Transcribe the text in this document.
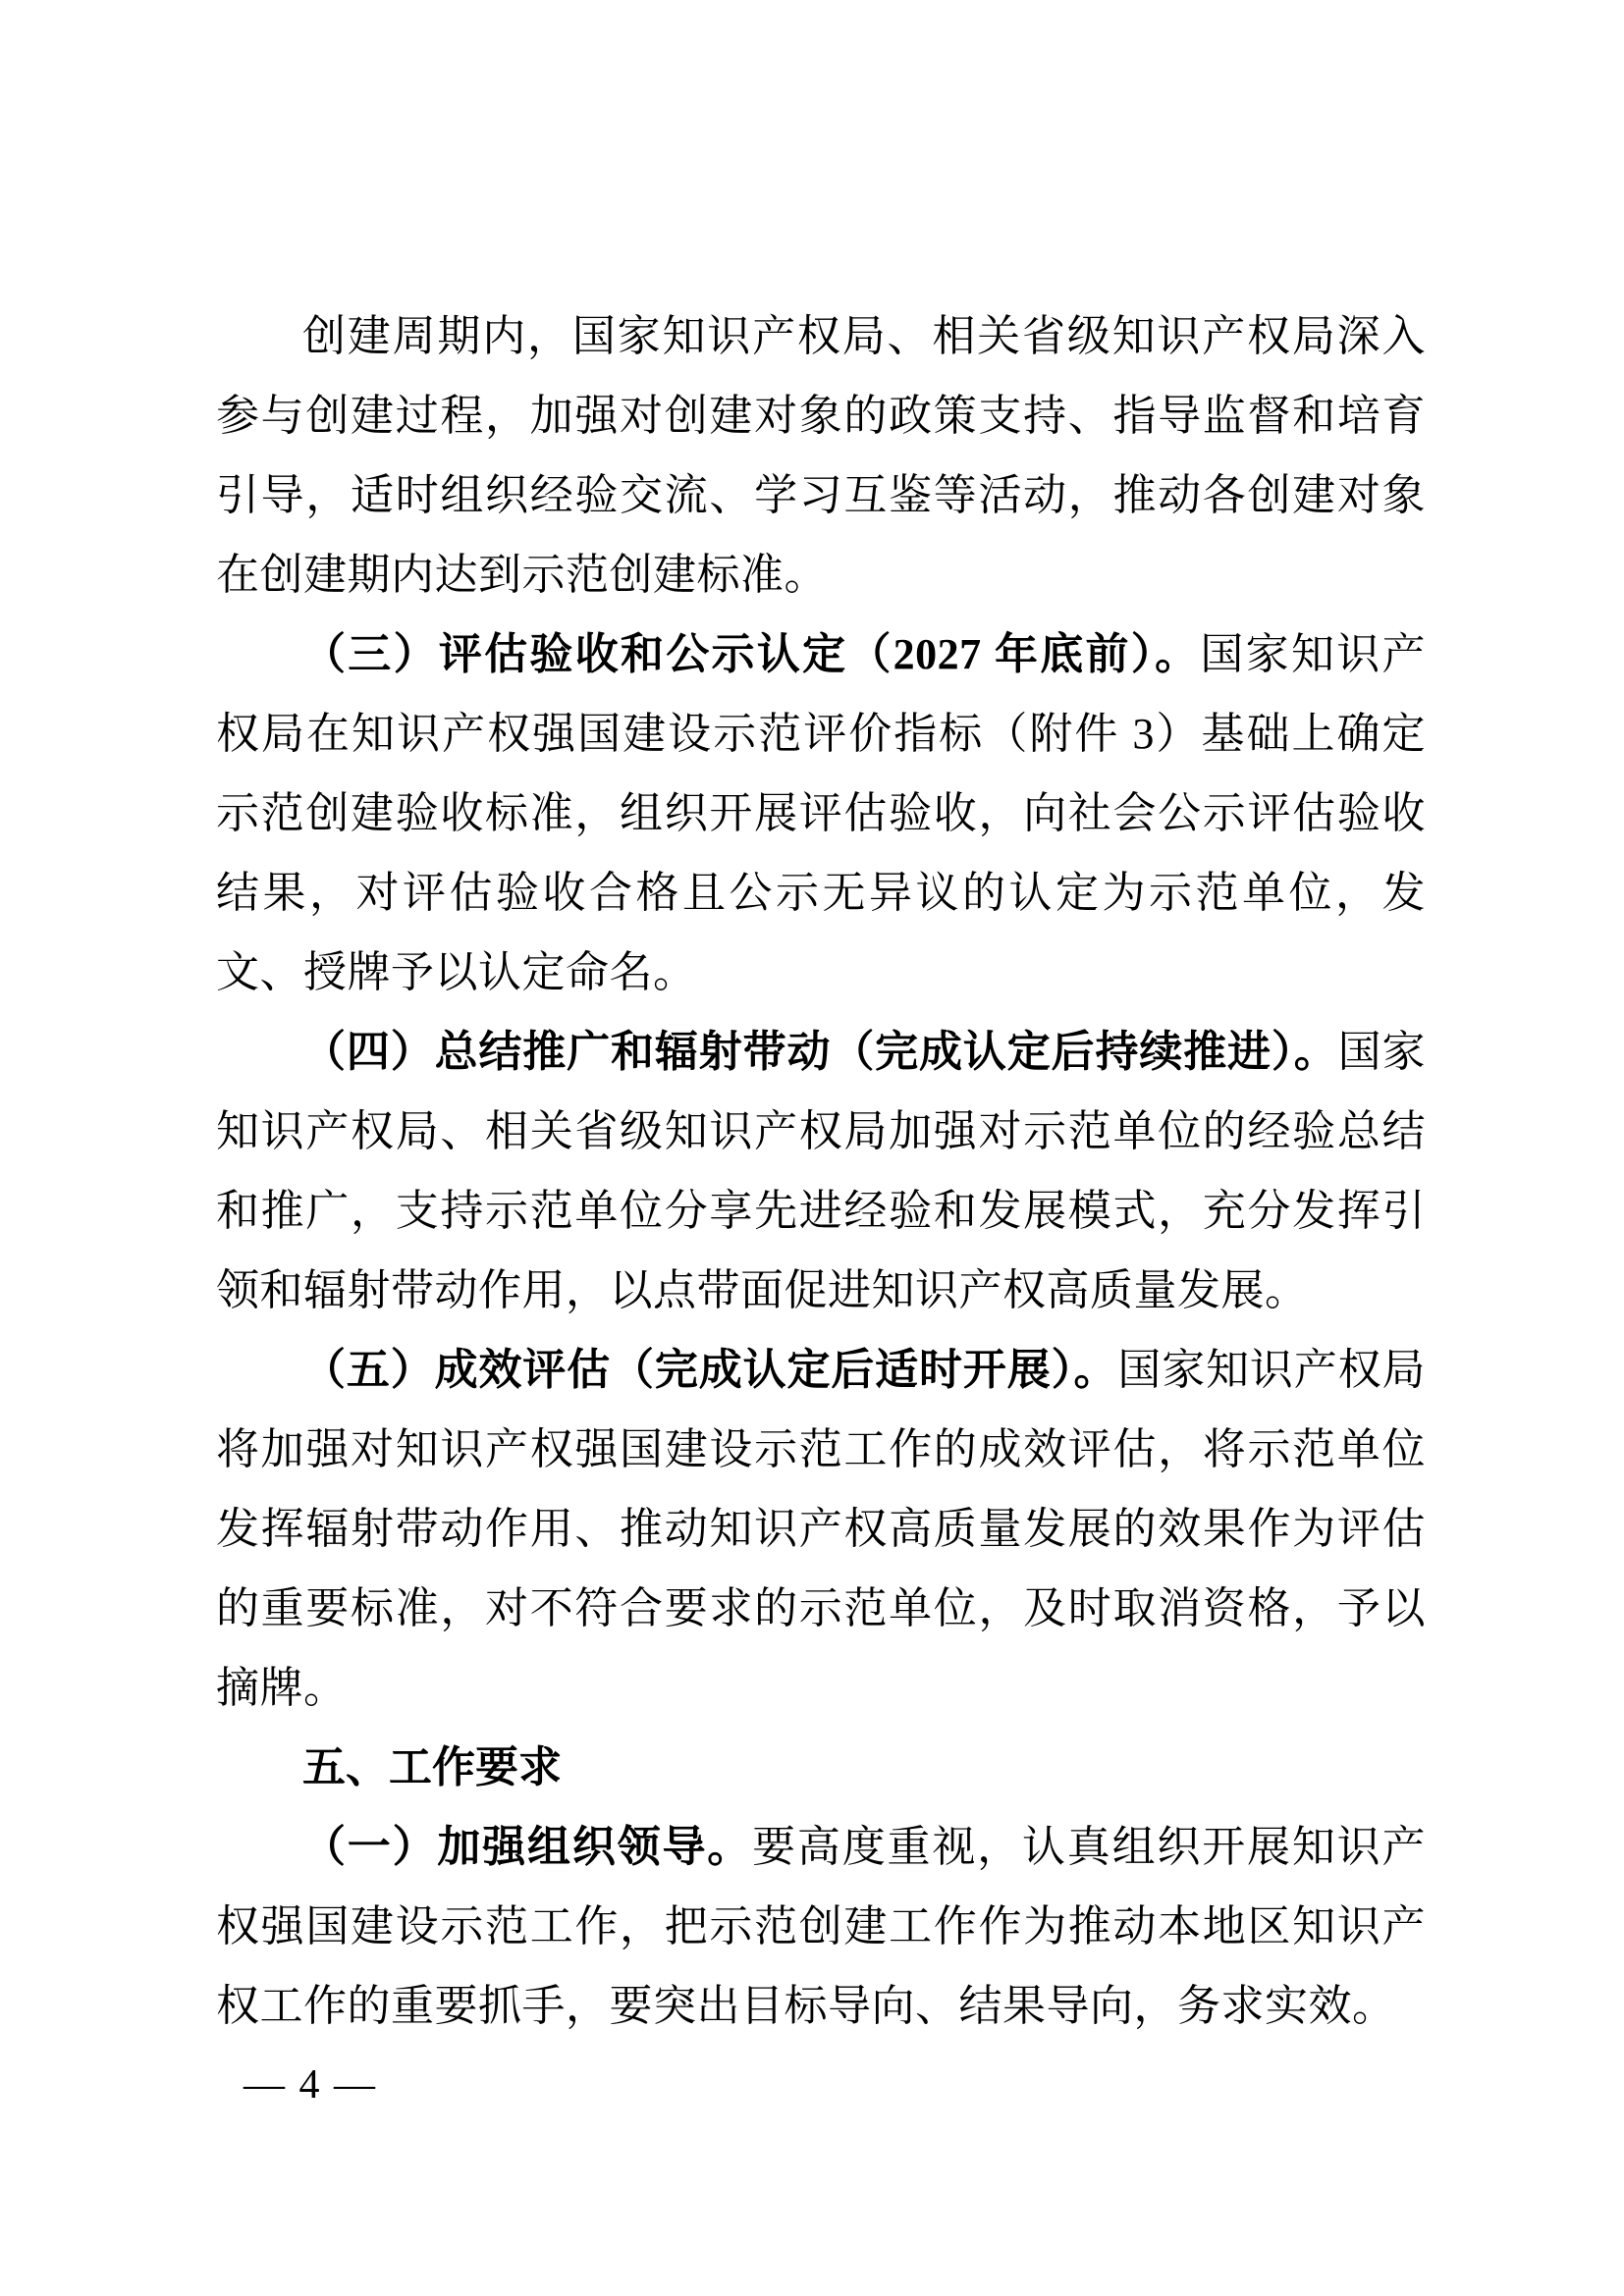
创建周期内，国家知识产权局、相关省级知识产权局深入参与创建过程，加强对创建对象的政策支持、指导监督和培育引导，适时组织经验交流、学习互鉴等活动，推动各创建对象在创建期内达到示范创建标准。

（三）评估验收和公示认定（2027 年底前）。国家知识产权局在知识产权强国建设示范评价指标（附件 3）基础上确定示范创建验收标准，组织开展评估验收，向社会公示评估验收结果，对评估验收合格且公示无异议的认定为示范单位，发文、授牌予以认定命名。

（四）总结推广和辐射带动（完成认定后持续推进）。国家知识产权局、相关省级知识产权局加强对示范单位的经验总结和推广，支持示范单位分享先进经验和发展模式，充分发挥引领和辐射带动作用，以点带面促进知识产权高质量发展。

（五）成效评估（完成认定后适时开展）。国家知识产权局将加强对知识产权强国建设示范工作的成效评估，将示范单位发挥辐射带动作用、推动知识产权高质量发展的效果作为评估的重要标准，对不符合要求的示范单位，及时取消资格，予以摘牌。

五、工作要求

（一）加强组织领导。要高度重视，认真组织开展知识产权强国建设示范工作，把示范创建工作作为推动本地区知识产权工作的重要抓手，要突出目标导向、结果导向，务求实效。

— 4 —
